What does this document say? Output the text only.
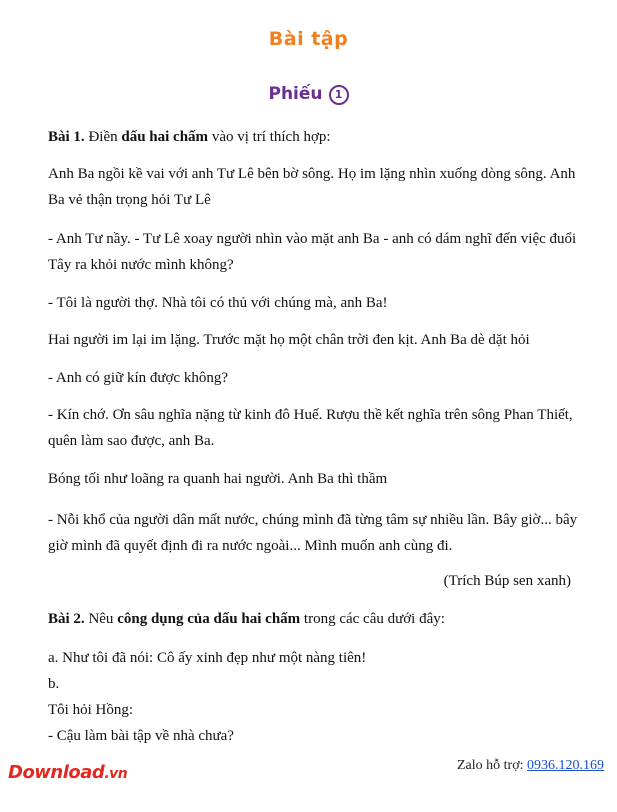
Bài tập
Phiếu 1
Bài 1. Điền dấu hai chấm vào vị trí thích hợp:
Anh Ba ngồi kề vai với anh Tư Lê bên bờ sông. Họ im lặng nhìn xuống dòng sông. Anh Ba vẻ thận trọng hỏi Tư Lê
- Anh Tư nầy. - Tư Lê xoay người nhìn vào mặt anh Ba - anh có dám nghĩ đến việc đuổi Tây ra khỏi nước mình không?
- Tôi là người thợ. Nhà tôi có thủ với chúng mà, anh Ba!
Hai người im lại im lặng. Trước mặt họ một chân trời đen kịt. Anh Ba dè dặt hỏi
- Anh có giữ kín được không?
- Kín chớ. Ơn sâu nghĩa nặng từ kinh đô Huế. Rượu thề kết nghĩa trên sông Phan Thiết, quên làm sao được, anh Ba.
Bóng tối như loãng ra quanh hai người. Anh Ba thì thầm
- Nỗi khổ của người dân mất nước, chúng mình đã từng tâm sự nhiều lần. Bây giờ... bây giờ mình đã quyết định đi ra nước ngoài... Mình muốn anh cùng đi.
(Trích Búp sen xanh)
Bài 2. Nêu công dụng của dấu hai chấm trong các câu dưới đây:
a. Như tôi đã nói: Cô ấy xinh đẹp như một nàng tiên!
b.
Tôi hỏi Hồng:
- Cậu làm bài tập về nhà chưa?
Download.vn
Zalo hỗ trợ: 0936.120.169
